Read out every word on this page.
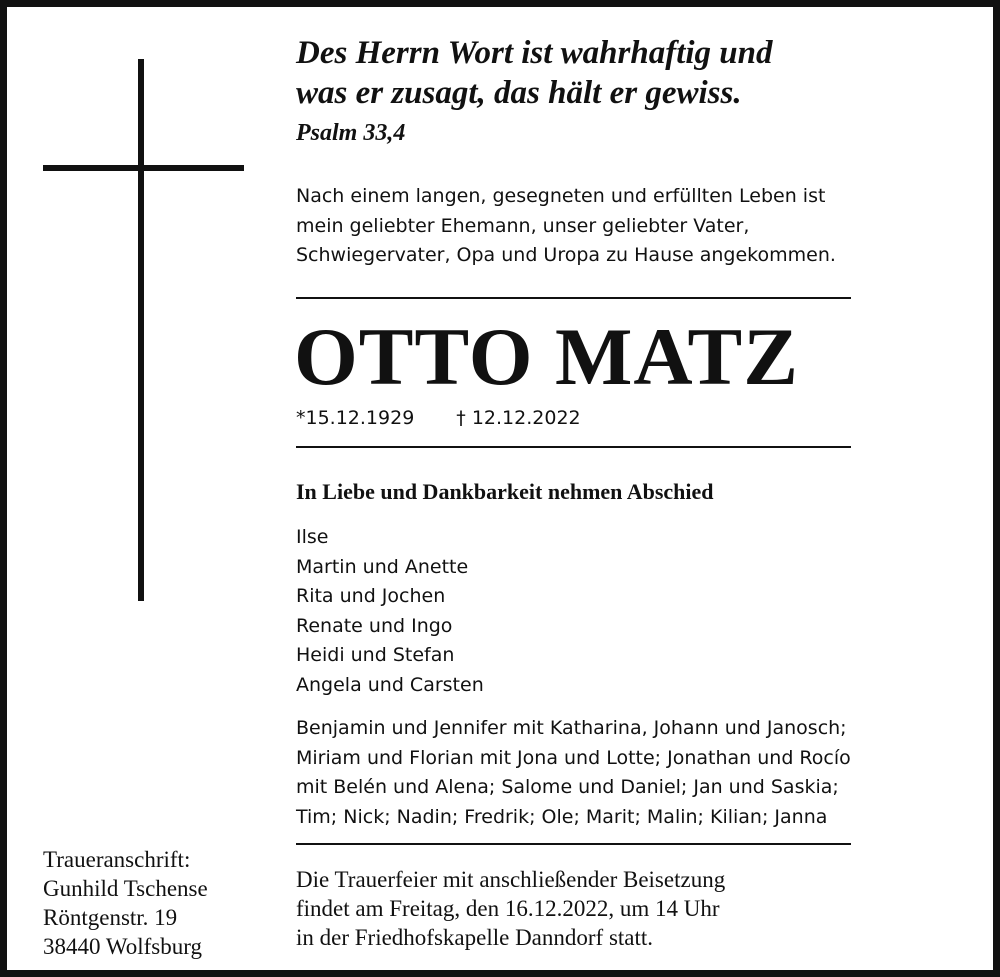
Des Herrn Wort ist wahrhaftig und
was er zusagt, das hält er gewiss.
Psalm 33,4
Nach einem langen, gesegneten und erfüllten Leben ist
mein geliebter Ehemann, unser geliebter Vater,
Schwiegervater, Opa und Uropa zu Hause angekommen.
OTTO MATZ
*15.12.1929 † 12.12.2022
In Liebe und Dankbarkeit nehmen Abschied
Ilse
Martin und Anette
Rita und Jochen
Renate und Ingo
Heidi und Stefan
Angela und Carsten
Benjamin und Jennifer mit Katharina, Johann und Janosch;
Miriam und Florian mit Jona und Lotte; Jonathan und Rocío
mit Belén und Alena; Salome und Daniel; Jan und Saskia;
Tim; Nick; Nadin; Fredrik; Ole; Marit; Malin; Kilian; Janna
Traueranschrift:
Gunhild Tschense
Röntgenstr. 19
38440 Wolfsburg
Die Trauerfeier mit anschließender Beisetzung
findet am Freitag, den 16.12.2022, um 14 Uhr
in der Friedhofskapelle Danndorf statt.
